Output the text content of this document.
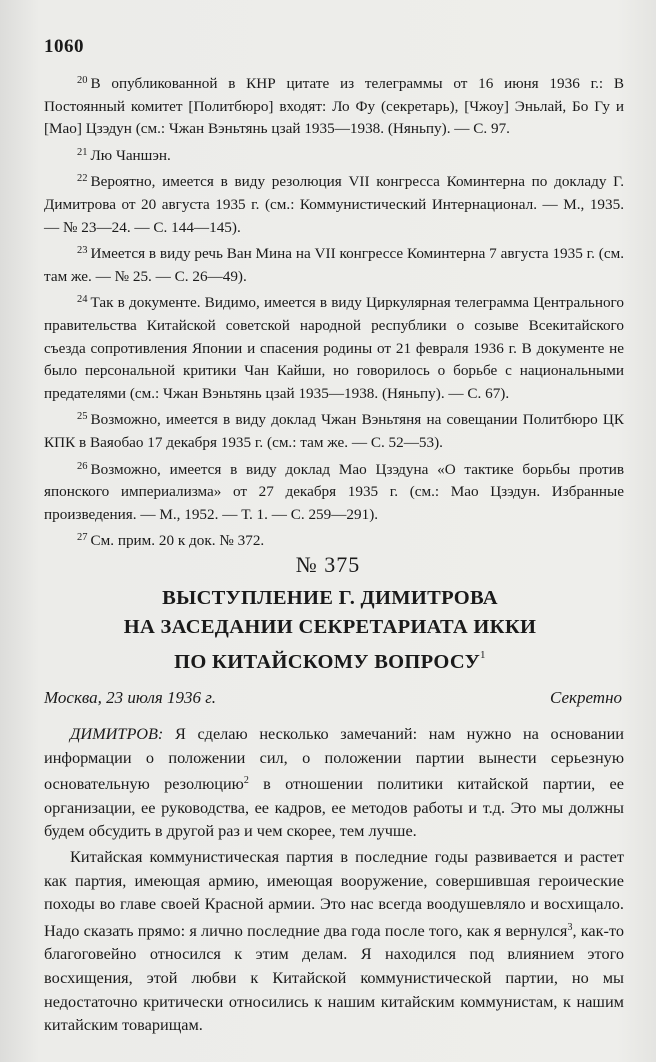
1060

$^{20}$ В опубликованной в КНР цитате из телеграммы от 16 июня 1936 г.: В Постоянный комитет [Политбюро] входят: Ло Фу (секретарь), [Чжоу] Эньлай, Бо Гу и [Мао] Цзэдун (см.: Чжан Вэньтянь цзай 1935—1938. (Няньпу). — С. 97.

$^{21}$ Лю Чаншэн.

$^{22}$ Вероятно, имеется в виду резолюция VII конгресса Коминтерна по докладу Г. Димитрова от 20 августа 1935 г. (см.: Коммунистический Интернационал. — М., 1935. — № 23—24. — С. 144—145).

$^{23}$ Имеется в виду речь Ван Мина на VII конгрессе Коминтерна 7 августа 1935 г. (см. там же. — № 25. — С. 26—49).

$^{24}$ Так в документе. Видимо, имеется в виду Циркулярная телеграмма Центрального правительства Китайской советской народной республики о созыве Всекитайского съезда сопротивления Японии и спасения родины от 21 февраля 1936 г. В документе не было персональной критики Чан Кайши, но говорилось о борьбе с национальными предателями (см.: Чжан Вэньтянь цзай 1935—1938. (Няньпу). — С. 67).

$^{25}$ Возможно, имеется в виду доклад Чжан Вэньтяня на совещании Политбюро ЦК КПК в Ваяобао 17 декабря 1935 г. (см.: там же. — С. 52—53).

$^{26}$ Возможно, имеется в виду доклад Мао Цзэдуна «О тактике борьбы против японского империализма» от 27 декабря 1935 г. (см.: Мао Цзэдун. Избранные произведения. — М., 1952. — Т. 1. — С. 259—291).

$^{27}$ См. прим. 20 к док. № 372.

№ 375
ВЫСТУПЛЕНИЕ Г. ДИМИТРОВА
НА ЗАСЕДАНИИ СЕКРЕТАРИАТА ИККИ
ПО КИТАЙСКОМУ ВОПРОСУ$^1$
Москва, 23 июля 1936 г.	Секретно

ДИМИТРОВ: Я сделаю несколько замечаний: нам нужно на основании информации о положении сил, о положении партии вынести серьезную основательную резолюцию$^2$ в отношении политики китайской партии, ее организации, ее руководства, ее кадров, ее методов работы и т.д. Это мы должны будем обсудить в другой раз и чем скорее, тем лучше.

Китайская коммунистическая партия в последние годы развивается и растет как партия, имеющая армию, имеющая вооружение, совершившая героические походы во главе своей Красной армии. Это нас всегда воодушевляло и восхищало. Надо сказать прямо: я лично последние два года после того, как я вернулся$^3$, как-то благоговейно относился к этим делам. Я находился под влиянием этого восхищения, этой любви к Китайской коммунистической партии, но мы недостаточно критически относились к нашим китайским коммунистам, к нашим китайским товарищам.
